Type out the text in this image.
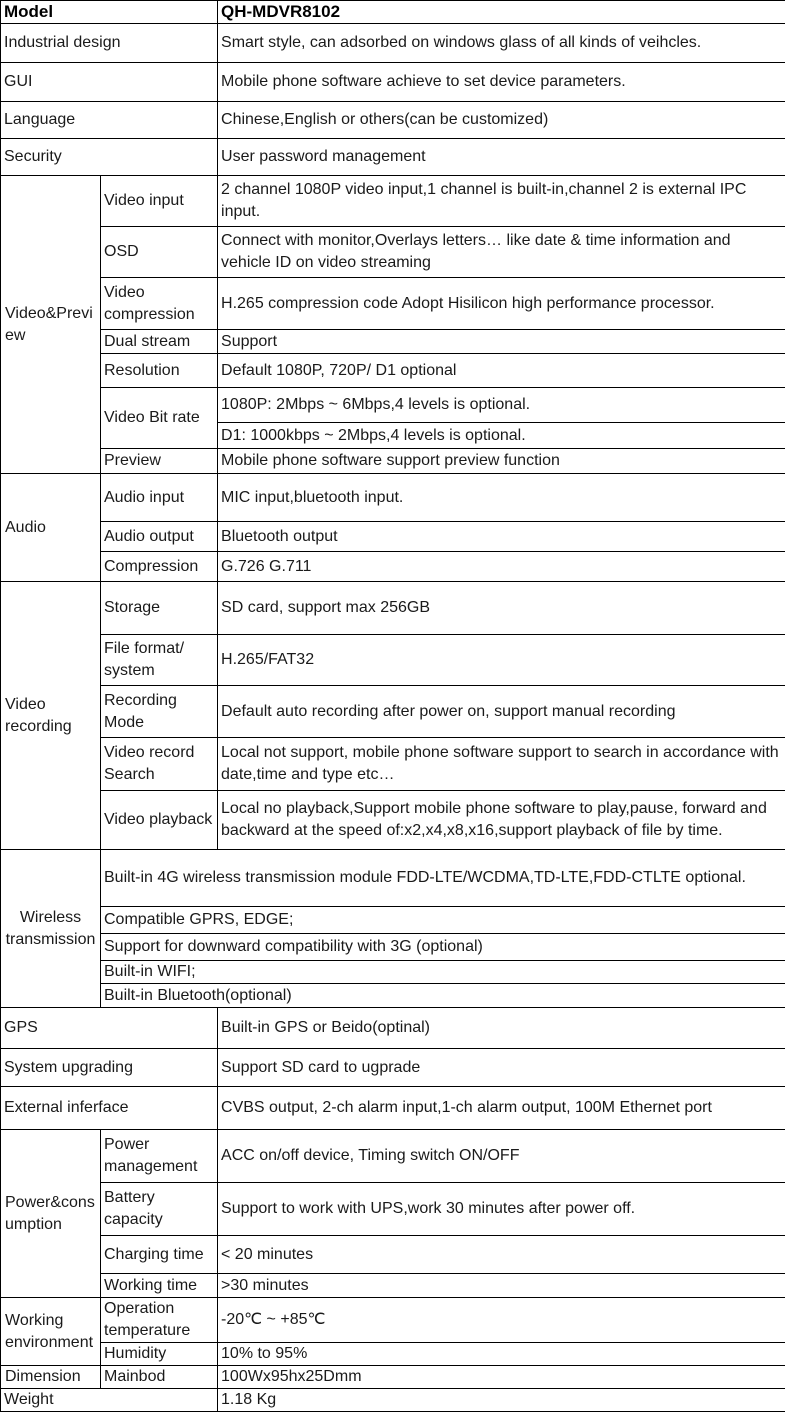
Model		QH-MDVR8102
Industrial design		Smart style, can adsorbed on windows glass of all kinds of veihcles.
GUI		Mobile phone software achieve to set device parameters.
Language		Chinese,English or others(can be customized)
Security		User password management
Video&Preview	Video input	2 channel 1080P video input,1 channel is built-in,channel 2 is external IPC input.
	OSD	Connect with monitor,Overlays letters… like date & time information and vehicle ID on video streaming
	Video compression	H.265 compression code Adopt Hisilicon high performance processor.
	Dual stream	Support
	Resolution	Default 1080P, 720P/ D1 optional
	Video Bit rate	1080P: 2Mbps ~ 6Mbps,4 levels is optional.
		D1: 1000kbps ~ 2Mbps,4 levels is optional.
	Preview	Mobile phone software support preview function
Audio	Audio input	MIC input,bluetooth input.
	Audio output	Bluetooth output
	Compression	G.726 G.711
Video recording	Storage	SD card, support max 256GB
	File format/ system	H.265/FAT32
	Recording Mode	Default auto recording after power on, support manual recording
	Video record Search	Local not support, mobile phone software support to search in accordance with date,time and type etc…
	Video playback	Local no playback,Support mobile phone software to play,pause, forward and backward at the speed of:x2,x4,x8,x16,support playback of file by time.
Wireless transmission	Built-in 4G wireless transmission module FDD-LTE/WCDMA,TD-LTE,FDD-CTLTE optional.	
	Compatible GPRS, EDGE;	
	Support for downward compatibility with 3G (optional)	
	Built-in WIFI;	
	Built-in Bluetooth(optional)	
GPS		Built-in GPS or Beido(optinal)
System upgrading		Support SD card to ugprade
External inferface		CVBS output, 2-ch alarm input,1-ch alarm output, 100M Ethernet port
Power&consumption	Power management	ACC on/off device, Timing switch ON/OFF
	Battery capacity	Support to work with UPS,work 30 minutes after power off.
	Charging time	< 20 minutes
	Working time	>30 minutes
Working environment	Operation temperature	-20℃ ~ +85℃
	Humidity	10% to 95%
Dimension	Mainbod	100Wx95hx25Dmm
Weight		1.18 Kg
